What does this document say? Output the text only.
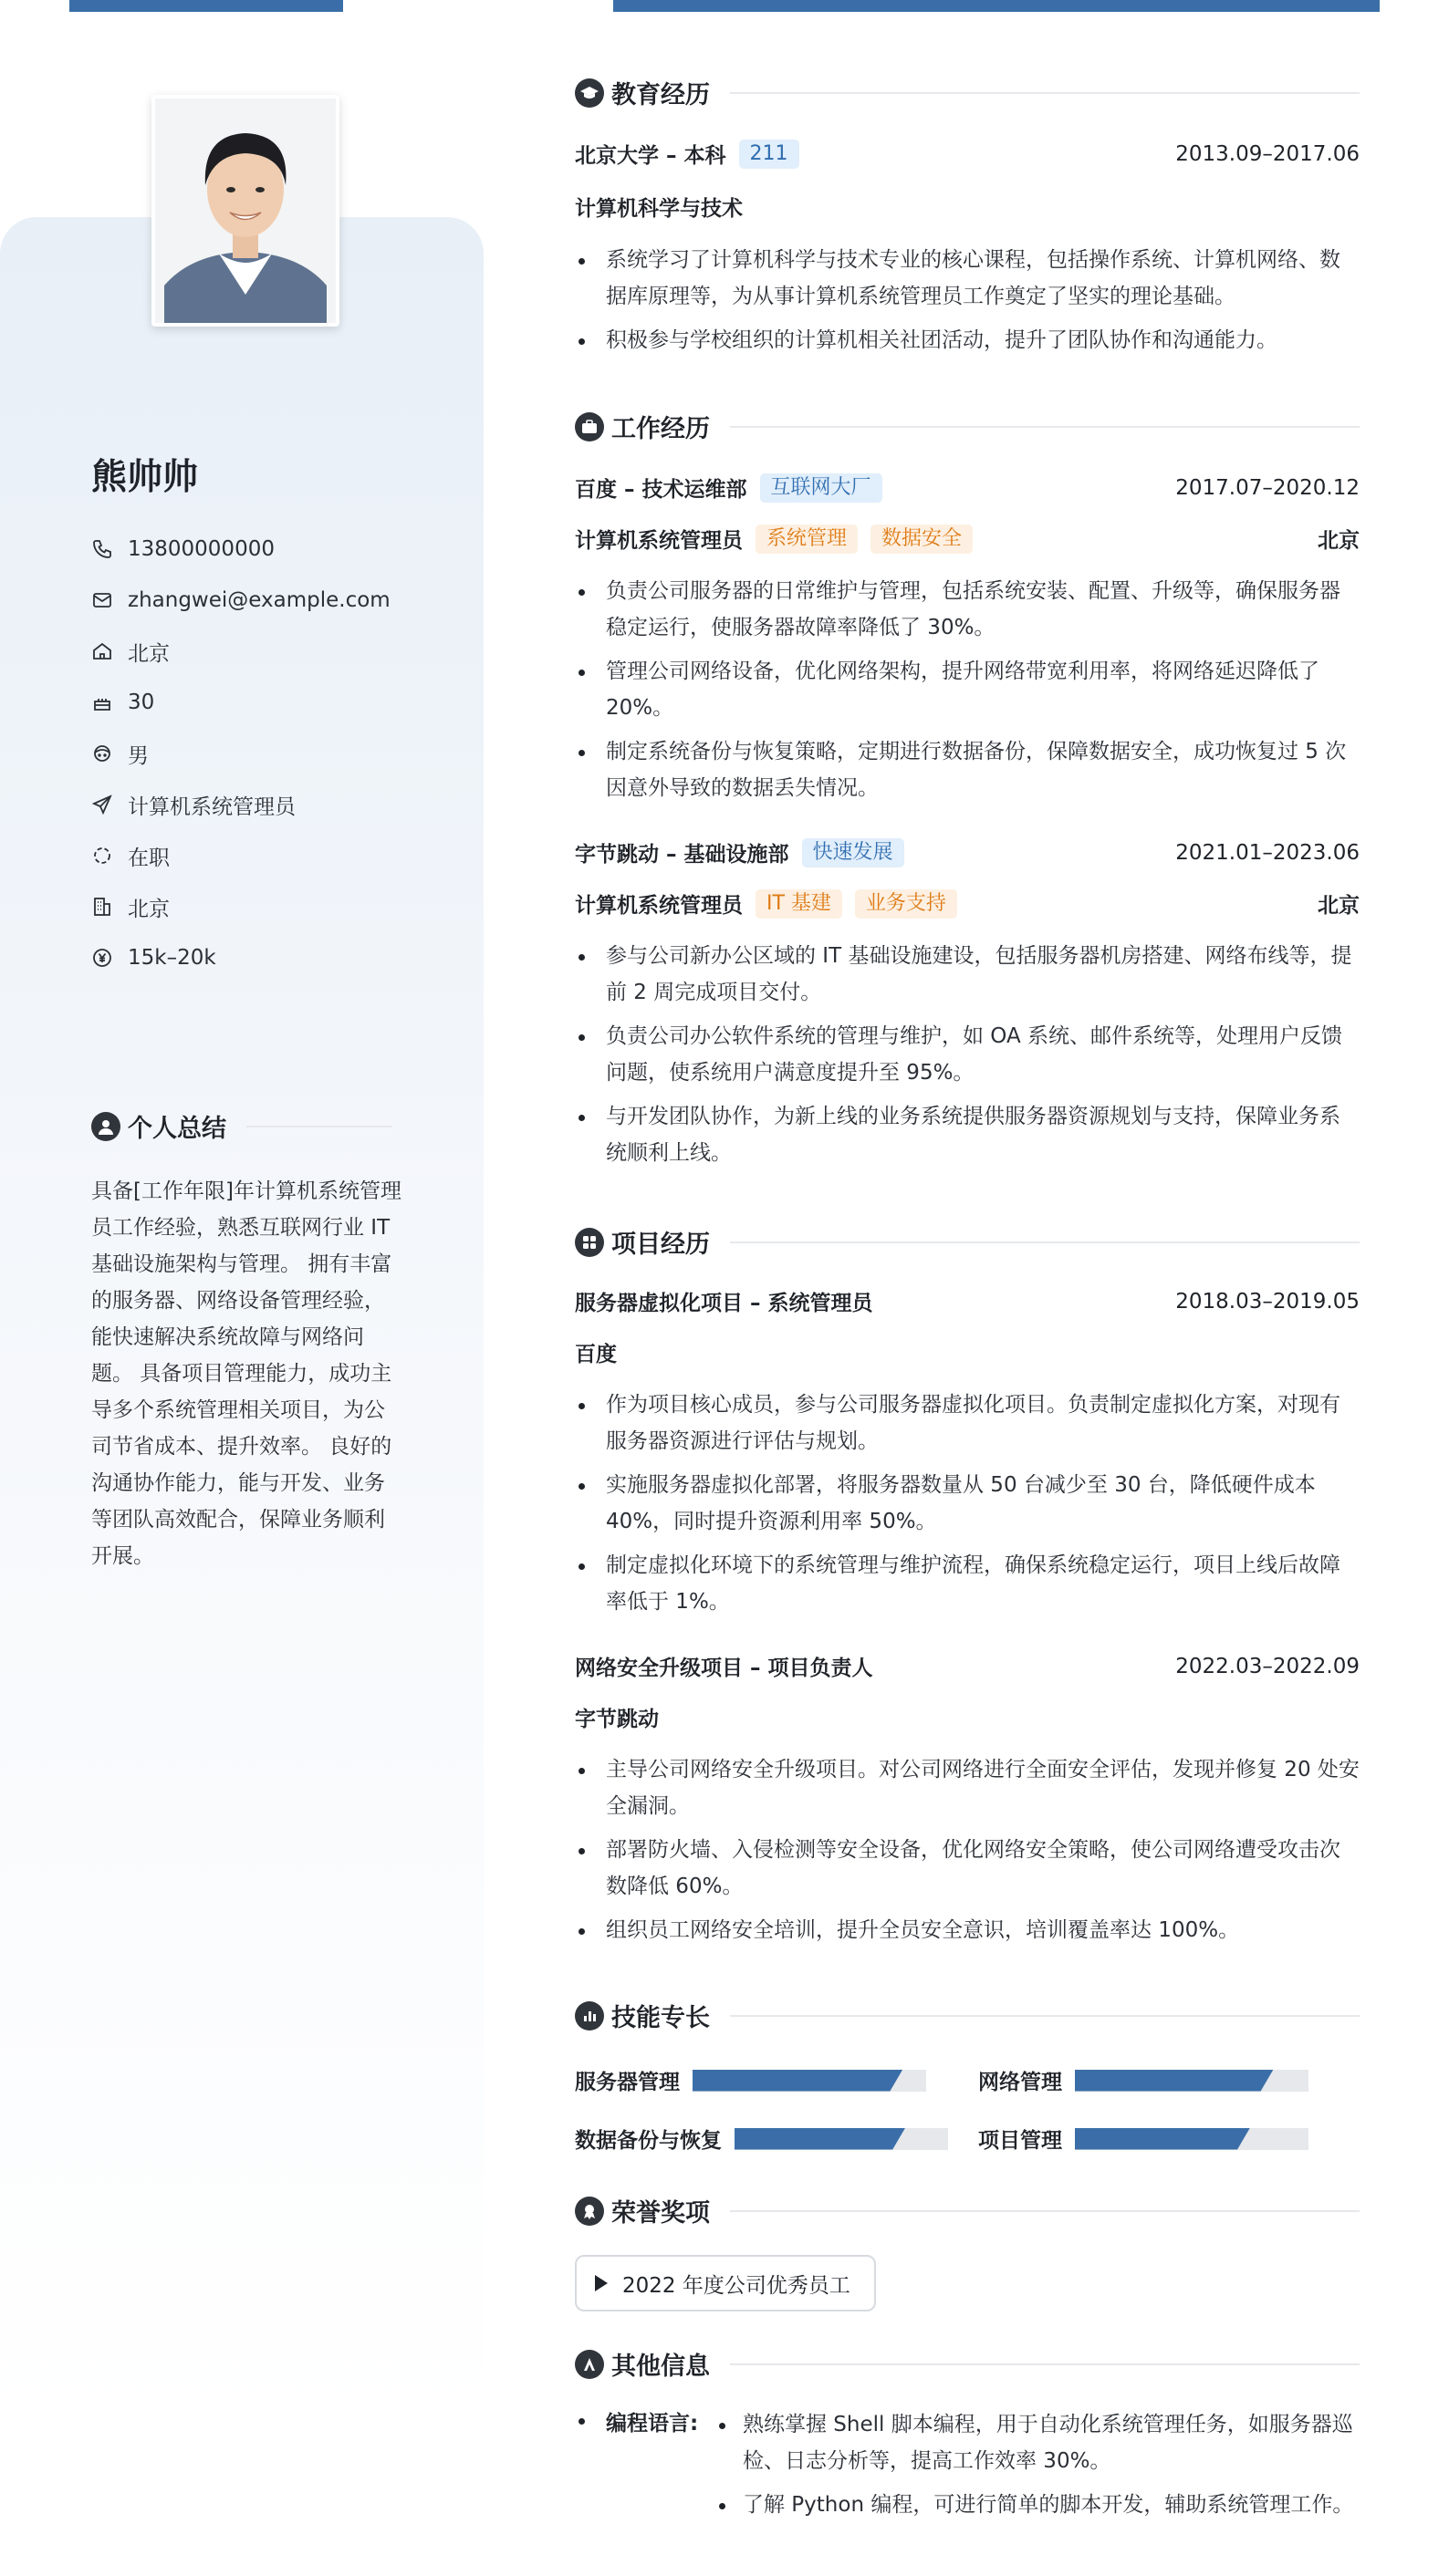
熊帅帅
13800000000
zhangwei@example.com
北京
30
男
计算机系统管理员
在职
北京
15k–20k
个人总结

具备[工作年限]年计算机系统管理员工作经验，熟悉互联网行业 IT 基础设施架构与管理。 拥有丰富的服务器、网络设备管理经验，能快速解决系统故障与网络问题。 具备项目管理能力，成功主导多个系统管理相关项目，为公司节省成本、提升效率。 良好的沟通协作能力，能与开发、业务等团队高效配合，保障业务顺利开展。

教育经历
北京大学 – 本科	211	2013.09–2017.06
计算机科学与技术
系统学习了计算机科学与技术专业的核心课程，包括操作系统、计算机网络、数据库原理等，为从事计算机系统管理员工作奠定了坚实的理论基础。
积极参与学校组织的计算机相关社团活动，提升了团队协作和沟通能力。
工作经历
百度 – 技术运维部	互联网大厂	2017.07–2020.12
计算机系统管理员	系统管理	数据安全	北京
负责公司服务器的日常维护与管理，包括系统安装、配置、升级等，确保服务器稳定运行，使服务器故障率降低了 30%。
管理公司网络设备，优化网络架构，提升网络带宽利用率，将网络延迟降低了 20%。
制定系统备份与恢复策略，定期进行数据备份，保障数据安全，成功恢复过 5 次因意外导致的数据丢失情况。
字节跳动 – 基础设施部	快速发展	2021.01–2023.06
计算机系统管理员	IT 基建	业务支持	北京
参与公司新办公区域的 IT 基础设施建设，包括服务器机房搭建、网络布线等，提前 2 周完成项目交付。
负责公司办公软件系统的管理与维护，如 OA 系统、邮件系统等，处理用户反馈问题，使系统用户满意度提升至 95%。
与开发团队协作，为新上线的业务系统提供服务器资源规划与支持，保障业务系统顺利上线。
项目经历
服务器虚拟化项目 – 系统管理员	2018.03–2019.05
百度
作为项目核心成员，参与公司服务器虚拟化项目。负责制定虚拟化方案，对现有服务器资源进行评估与规划。
实施服务器虚拟化部署，将服务器数量从 50 台减少至 30 台，降低硬件成本 40%，同时提升资源利用率 50%。
制定虚拟化环境下的系统管理与维护流程，确保系统稳定运行，项目上线后故障率低于 1%。
网络安全升级项目 – 项目负责人	2022.03–2022.09
字节跳动
主导公司网络安全升级项目。对公司网络进行全面安全评估，发现并修复 20 处安全漏洞。
部署防火墙、入侵检测等安全设备，优化网络安全策略，使公司网络遭受攻击次数降低 60%。
组织员工网络安全培训，提升全员安全意识，培训覆盖率达 100%。
技能专长
服务器管理	网络管理
数据备份与恢复	项目管理
荣誉奖项
2022 年度公司优秀员工
其他信息
编程语言:	熟练掌握 Shell 脚本编程，用于自动化系统管理任务，如服务器巡检、日志分析等，提高工作效率 30%。
了解 Python 编程，可进行简单的脚本开发，辅助系统管理工作。
